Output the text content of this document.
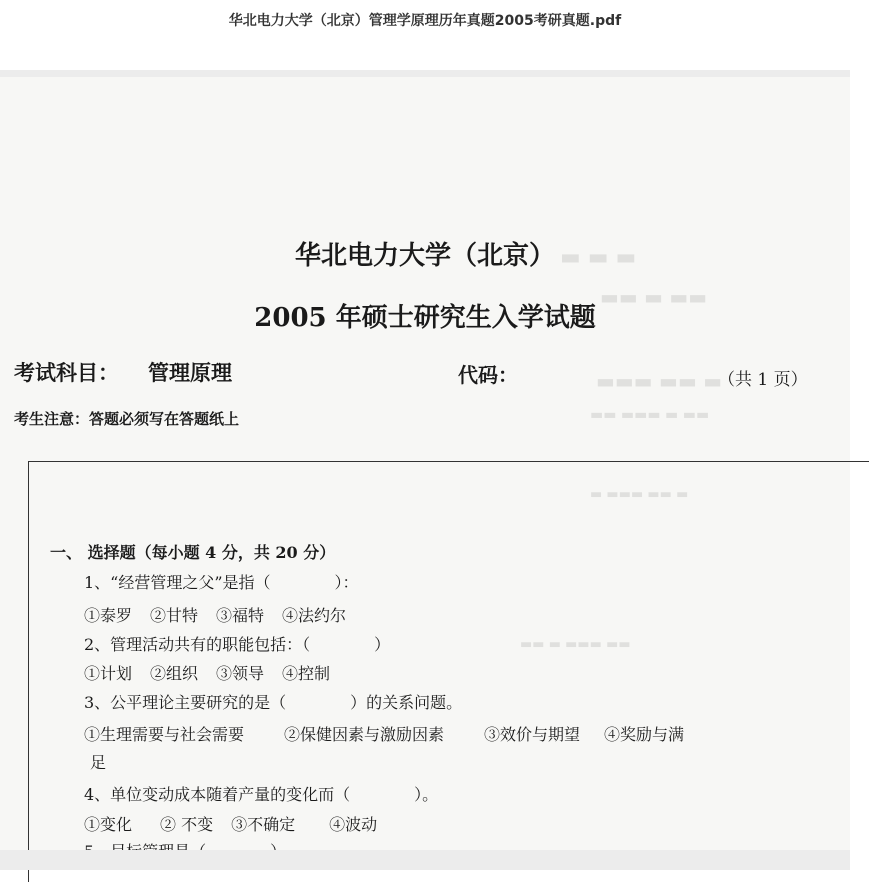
华北电力大学（北京）管理学原理历年真题2005考研真题.pdf
▬ ▬ ▬
▬▬ ▬ ▬▬
▬▬▬ ▬▬ ▬
▬▬ ▬▬▬ ▬ ▬▬
▬ ▬▬▬ ▬▬ ▬
▬▬ ▬ ▬▬▬ ▬▬
华北电力大学（北京）
2005 年硕士研究生入学试题
考试科目： 管理原理	代码：	（共 1 页）
考生注意：答题必须写在答题纸上
一、 选择题（每小题 4 分，共 20 分）
1、“经营管理之父”是指（　　　　）：
①泰罗 ②甘特 ③福特 ④法约尔
2、管理活动共有的职能包括：（　　　　）
①计划 ②组织 ③领导 ④控制
3、公平理论主要研究的是（　　　　）的关系问题。
①生理需要与社会需要	②保健因素与激励因素	③效价与期望 ④奖励与满
足
4、单位变动成本随着产量的变化而（　　　　）。
①变化 ② 不变 ③不确定 ④波动
